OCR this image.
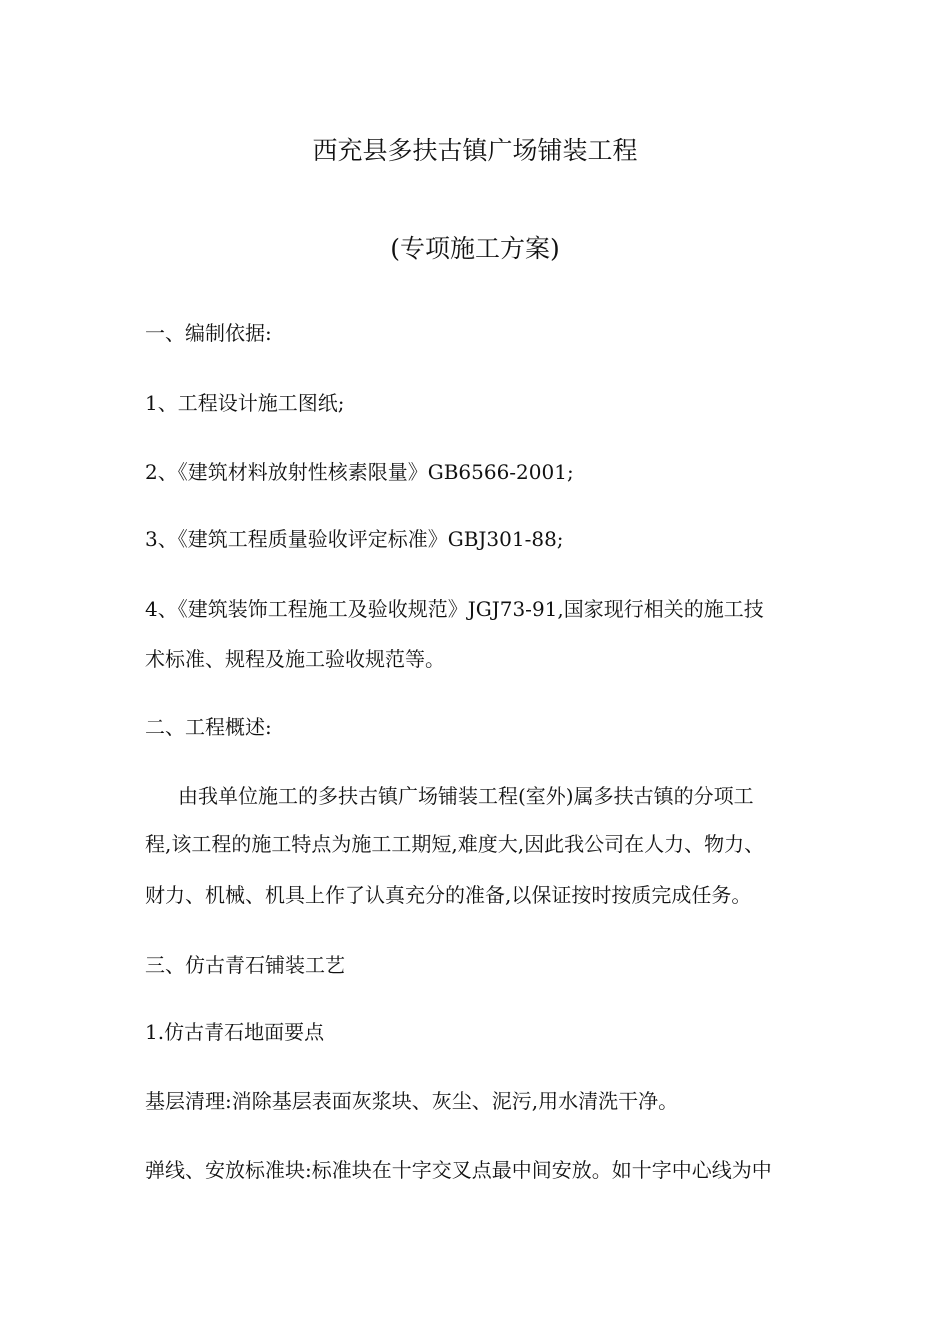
西充县多扶古镇广场铺装工程
(专项施工方案)
一、编制依据:
1、工程设计施工图纸;
2、《建筑材料放射性核素限量》GB6566-2001;
3、《建筑工程质量验收评定标准》GBJ301-88;
4、《建筑装饰工程施工及验收规范》JGJ73-91,国家现行相关的施工技
术标准、规程及施工验收规范等。
二、工程概述:
由我单位施工的多扶古镇广场铺装工程(室外)属多扶古镇的分项工
程,该工程的施工特点为施工工期短,难度大,因此我公司在人力、物力、
财力、机械、机具上作了认真充分的准备,以保证按时按质完成任务。
三、仿古青石铺装工艺
1.仿古青石地面要点
基层清理:消除基层表面灰浆块、灰尘、泥污,用水清洗干净。
弹线、安放标准块:标准块在十字交叉点最中间安放。如十字中心线为中
